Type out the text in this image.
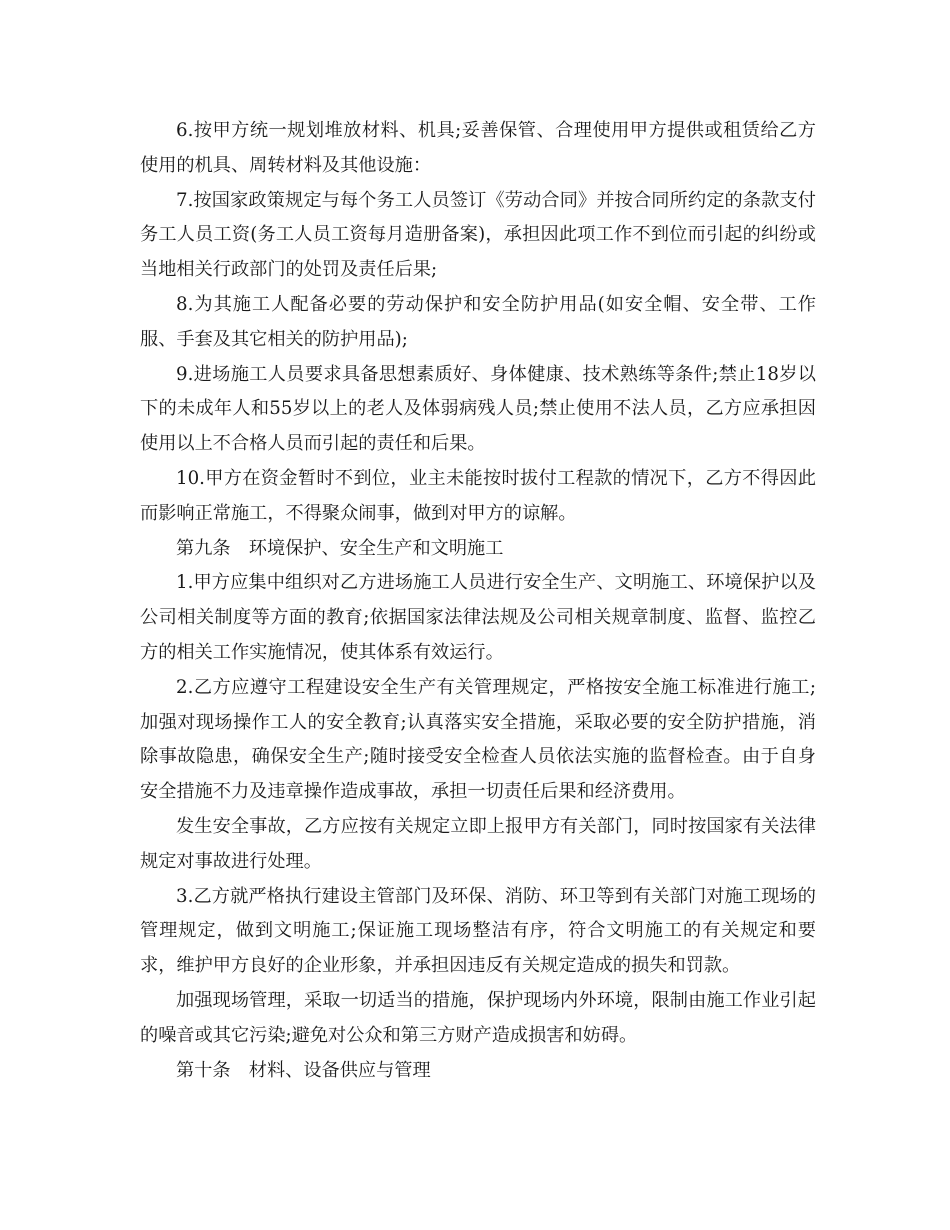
6.按甲方统一规划堆放材料、机具;妥善保管、合理使用甲方提供或租赁给乙方使用的机具、周转材料及其他设施：

7.按国家政策规定与每个务工人员签订《劳动合同》并按合同所约定的条款支付务工人员工资(务工人员工资每月造册备案)，承担因此项工作不到位而引起的纠纷或当地相关行政部门的处罚及责任后果;

8.为其施工人配备必要的劳动保护和安全防护用品(如安全帽、安全带、工作服、手套及其它相关的防护用品);

9.进场施工人员要求具备思想素质好、身体健康、技术熟练等条件;禁止18岁以下的未成年人和55岁以上的老人及体弱病残人员;禁止使用不法人员，乙方应承担因使用以上不合格人员而引起的责任和后果。

10.甲方在资金暂时不到位，业主未能按时拔付工程款的情况下，乙方不得因此而影响正常施工，不得聚众闹事，做到对甲方的谅解。

第九条　环境保护、安全生产和文明施工

1.甲方应集中组织对乙方进场施工人员进行安全生产、文明施工、环境保护以及公司相关制度等方面的教育;依据国家法律法规及公司相关规章制度、监督、监控乙方的相关工作实施情况，使其体系有效运行。

2.乙方应遵守工程建设安全生产有关管理规定，严格按安全施工标准进行施工;加强对现场操作工人的安全教育;认真落实安全措施，采取必要的安全防护措施，消除事故隐患，确保安全生产;随时接受安全检查人员依法实施的监督检查。由于自身安全措施不力及违章操作造成事故，承担一切责任后果和经济费用。

发生安全事故，乙方应按有关规定立即上报甲方有关部门，同时按国家有关法律规定对事故进行处理。

3.乙方就严格执行建设主管部门及环保、消防、环卫等到有关部门对施工现场的管理规定，做到文明施工;保证施工现场整洁有序，符合文明施工的有关规定和要求，维护甲方良好的企业形象，并承担因违反有关规定造成的损失和罚款。

加强现场管理，采取一切适当的措施，保护现场内外环境，限制由施工作业引起的噪音或其它污染;避免对公众和第三方财产造成损害和妨碍。

第十条　材料、设备供应与管理
